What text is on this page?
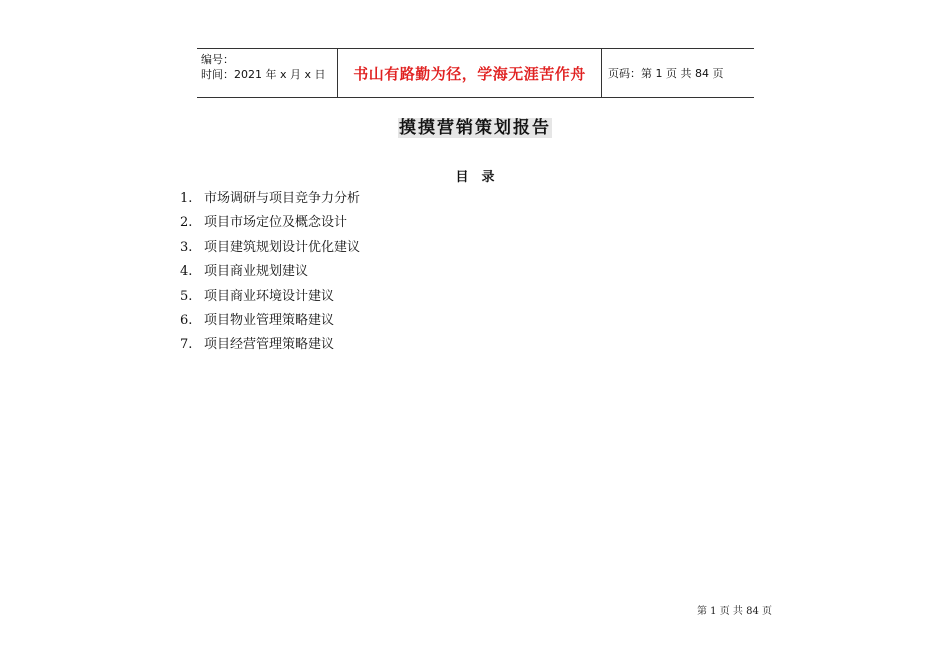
编号：
时间：2021 年 x 月 x 日	书山有路勤为径，学海无涯苦作舟 页码：第 1 页 共 84 页
摸摸营销策划报告
目　录
1. 市场调研与项目竞争力分析
2. 项目市场定位及概念设计
3. 项目建筑规划设计优化建议
4. 项目商业规划建议
5. 项目商业环境设计建议
6. 项目物业管理策略建议
7. 项目经营管理策略建议
第 1 页 共 84 页
